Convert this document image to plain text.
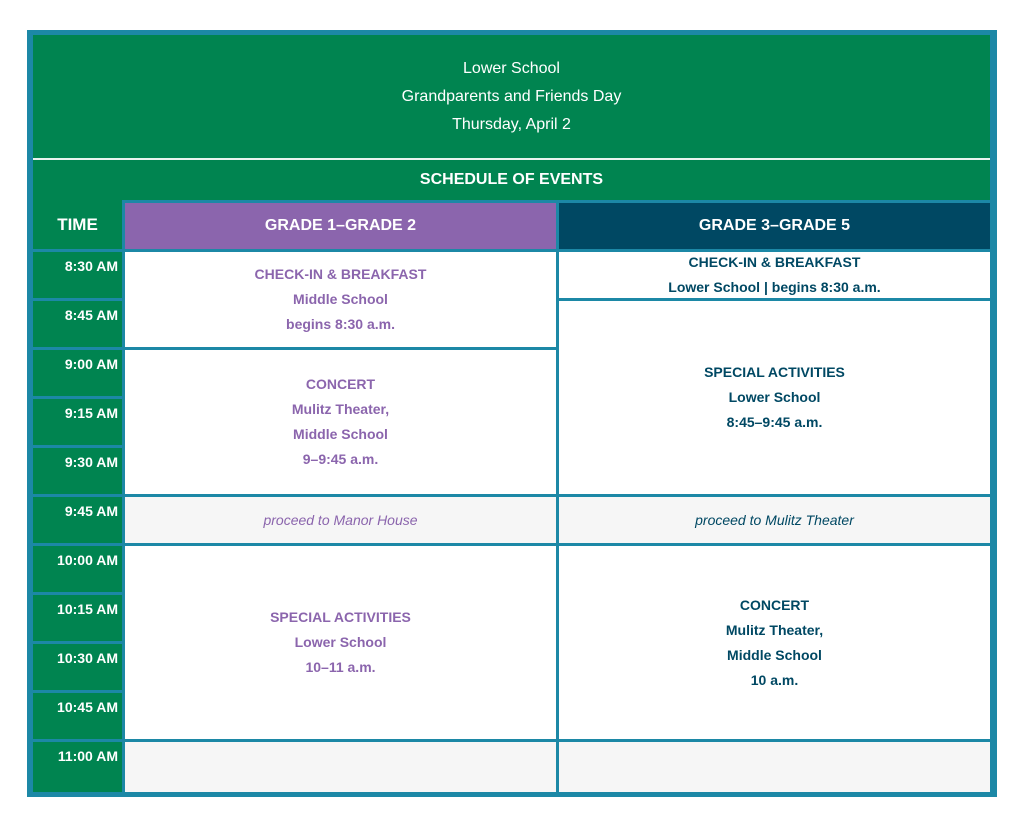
Lower School
Grandparents and Friends Day
Thursday, April 2
SCHEDULE OF EVENTS
TIME	GRADE 1–GRADE 2	GRADE 3–GRADE 5
8:30 AM
8:45 AM
9:00 AM
9:15 AM
9:30 AM
9:45 AM
10:00 AM
10:15 AM
10:30 AM
10:45 AM
11:00 AM
CHECK-IN & BREAKFAST
Middle School
begins 8:30 a.m.
CONCERT
Mulitz Theater,
Middle School
9–9:45 a.m.
proceed to Manor House
SPECIAL ACTIVITIES
Lower School
10–11 a.m.
CHECK-IN & BREAKFAST
Lower School | begins 8:30 a.m.
SPECIAL ACTIVITIES
Lower School
8:45–9:45 a.m.
proceed to Mulitz Theater
CONCERT
Mulitz Theater,
Middle School
10 a.m.
